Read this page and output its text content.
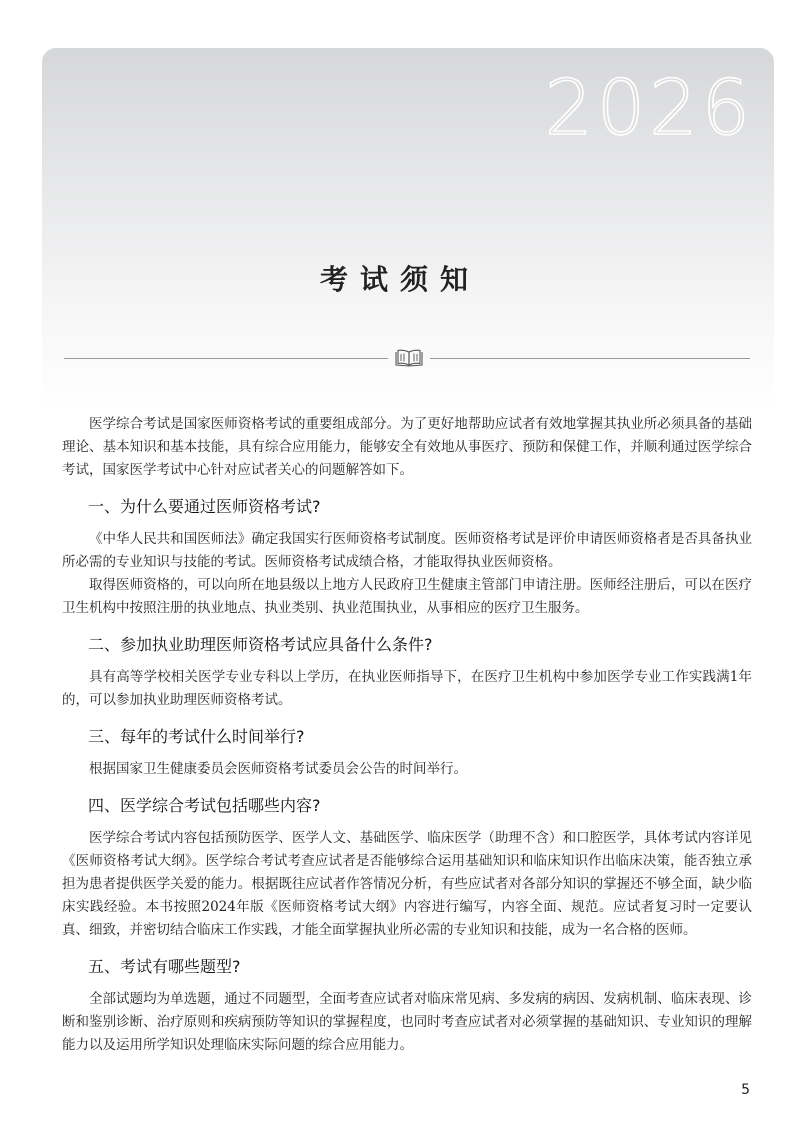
2026
考试须知

医学综合考试是国家医师资格考试的重要组成部分。为了更好地帮助应试者有效地掌握其执业所必须具备的基础理论、基本知识和基本技能，具有综合应用能力，能够安全有效地从事医疗、预防和保健工作，并顺利通过医学综合考试，国家医学考试中心针对应试者关心的问题解答如下。

一、为什么要通过医师资格考试?

《中华人民共和国医师法》确定我国实行医师资格考试制度。医师资格考试是评价申请医师资格者是否具备执业所必需的专业知识与技能的考试。医师资格考试成绩合格，才能取得执业医师资格。

取得医师资格的，可以向所在地县级以上地方人民政府卫生健康主管部门申请注册。医师经注册后，可以在医疗卫生机构中按照注册的执业地点、执业类别、执业范围执业，从事相应的医疗卫生服务。

二、参加执业助理医师资格考试应具备什么条件?

具有高等学校相关医学专业专科以上学历，在执业医师指导下，在医疗卫生机构中参加医学专业工作实践满1年的，可以参加执业助理医师资格考试。

三、每年的考试什么时间举行?

根据国家卫生健康委员会医师资格考试委员会公告的时间举行。

四、医学综合考试包括哪些内容?

医学综合考试内容包括预防医学、医学人文、基础医学、临床医学（助理不含）和口腔医学，具体考试内容详见《医师资格考试大纲》。医学综合考试考查应试者是否能够综合运用基础知识和临床知识作出临床决策，能否独立承担为患者提供医学关爱的能力。根据既往应试者作答情况分析，有些应试者对各部分知识的掌握还不够全面，缺少临床实践经验。本书按照2024年版《医师资格考试大纲》内容进行编写，内容全面、规范。应试者复习时一定要认真、细致，并密切结合临床工作实践，才能全面掌握执业所必需的专业知识和技能，成为一名合格的医师。

五、考试有哪些题型?

全部试题均为单选题，通过不同题型，全面考查应试者对临床常见病、多发病的病因、发病机制、临床表现、诊断和鉴别诊断、治疗原则和疾病预防等知识的掌握程度，也同时考查应试者对必须掌握的基础知识、专业知识的理解能力以及运用所学知识处理临床实际问题的综合应用能力。

5
